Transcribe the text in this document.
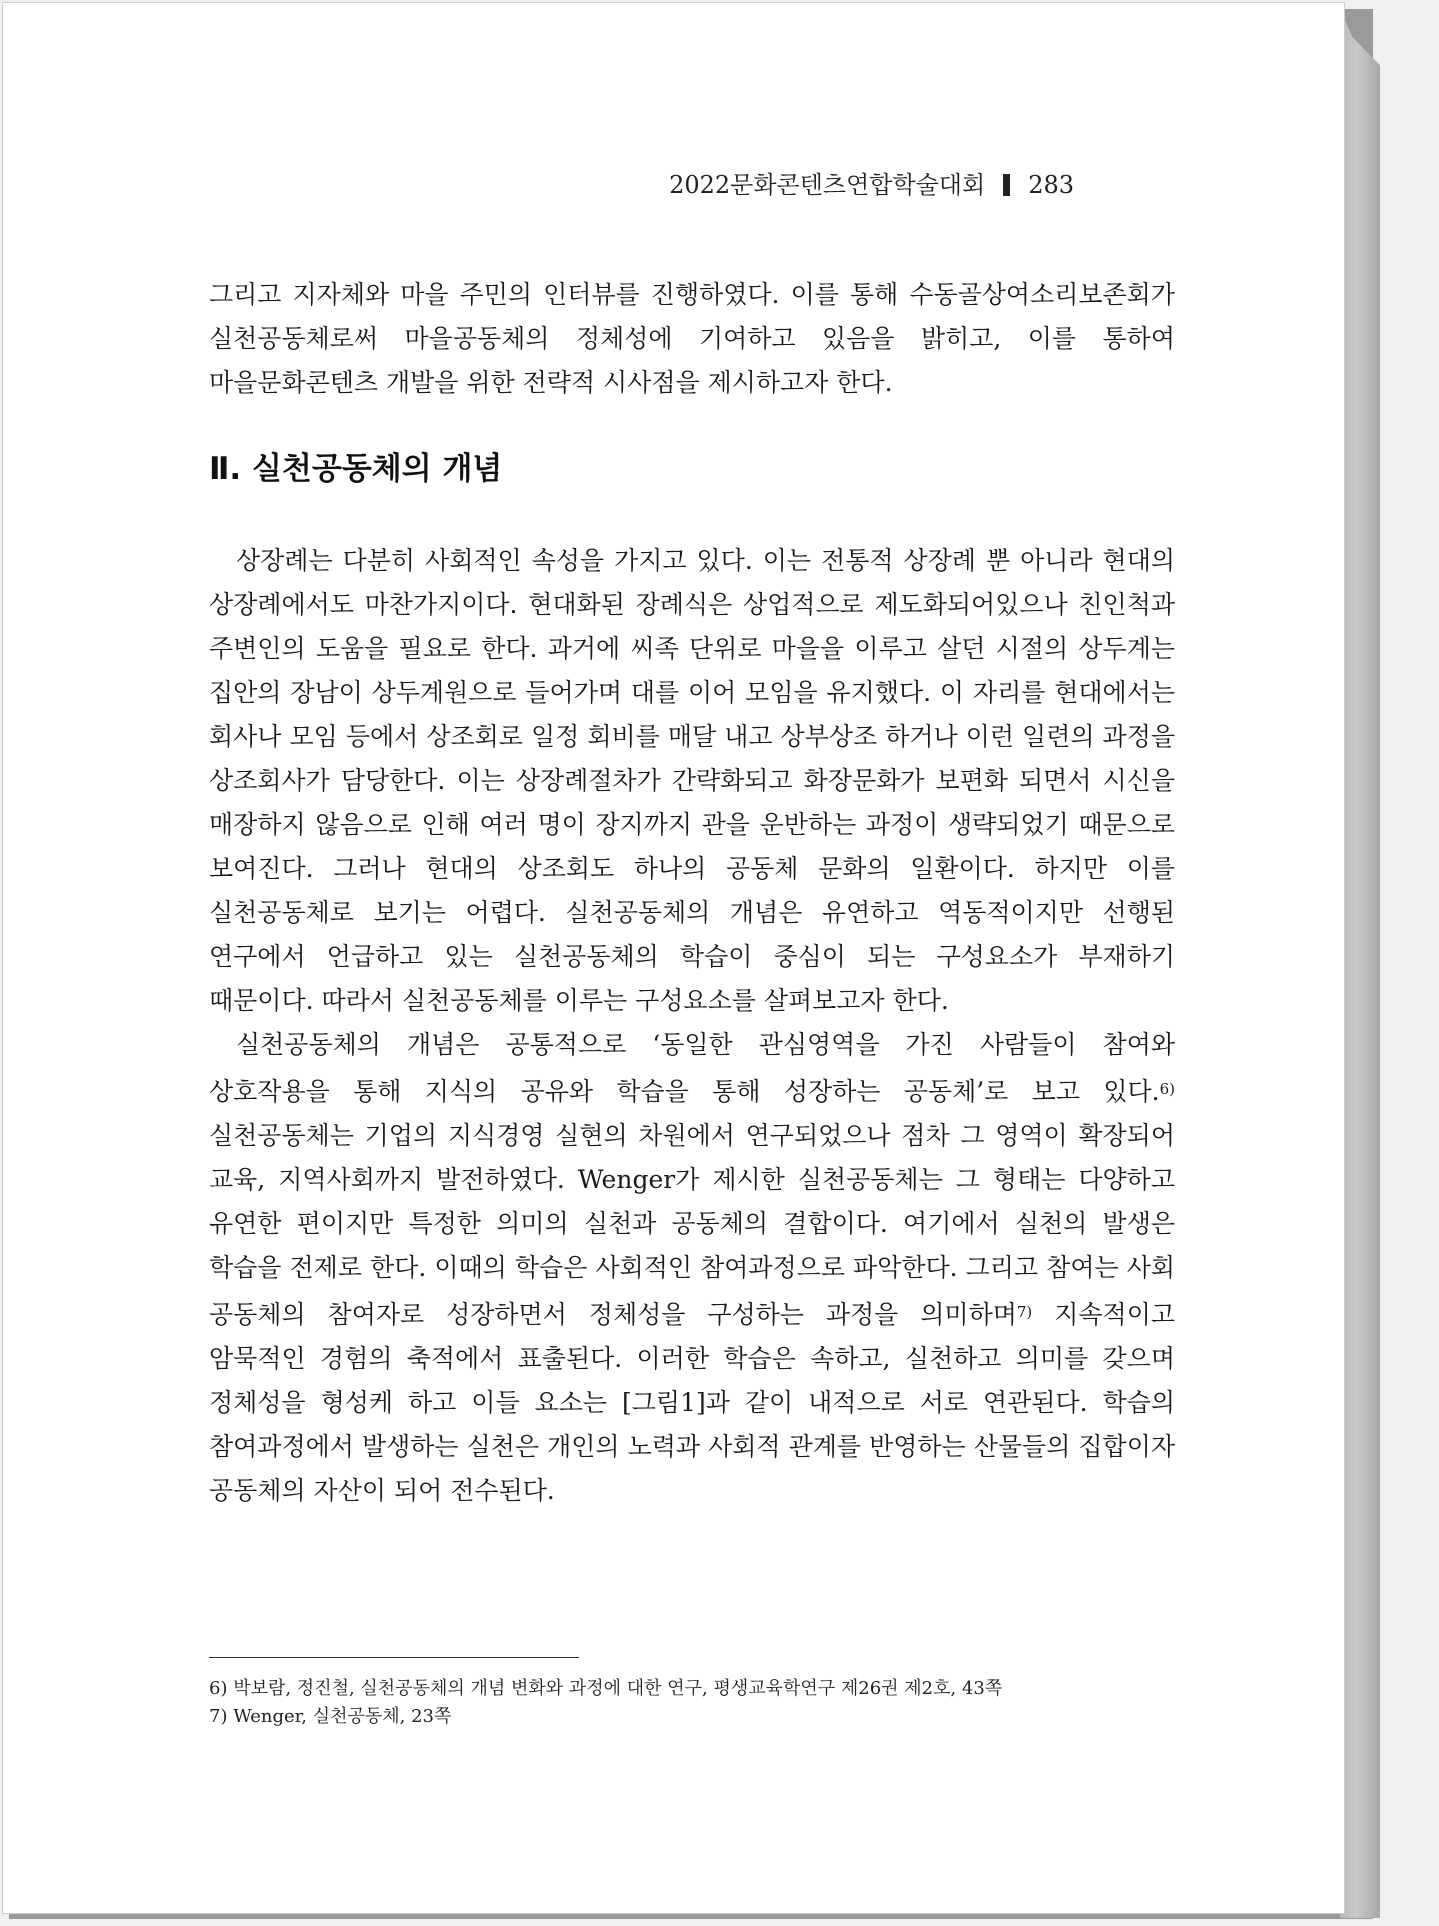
2022문화콘텐츠연합학술대회 283

그리고 지자체와 마을 주민의 인터뷰를 진행하였다. 이를 통해 수동골상여소리보존회가 실천공동체로써 마을공동체의 정체성에 기여하고 있음을 밝히고, 이를 통하여 마을문화콘텐츠 개발을 위한 전략적 시사점을 제시하고자 한다.

Ⅱ. 실천공동체의 개념

상장례는 다분히 사회적인 속성을 가지고 있다. 이는 전통적 상장례 뿐 아니라 현대의 상장례에서도 마찬가지이다. 현대화된 장례식은 상업적으로 제도화되어있으나 친인척과 주변인의 도움을 필요로 한다. 과거에 씨족 단위로 마을을 이루고 살던 시절의 상두계는 집안의 장남이 상두계원으로 들어가며 대를 이어 모임을 유지했다. 이 자리를 현대에서는 회사나 모임 등에서 상조회로 일정 회비를 매달 내고 상부상조 하거나 이런 일련의 과정을 상조회사가 담당한다. 이는 상장례절차가 간략화되고 화장문화가 보편화 되면서 시신을 매장하지 않음으로 인해 여러 명이 장지까지 관을 운반하는 과정이 생략되었기 때문으로 보여진다. 그러나 현대의 상조회도 하나의 공동체 문화의 일환이다. 하지만 이를 실천공동체로 보기는 어렵다. 실천공동체의 개념은 유연하고 역동적이지만 선행된 연구에서 언급하고 있는 실천공동체의 학습이 중심이 되는 구성요소가 부재하기 때문이다. 따라서 실천공동체를 이루는 구성요소를 살펴보고자 한다.

실천공동체의 개념은 공통적으로 ‘동일한 관심영역을 가진 사람들이 참여와 상호작용을 통해 지식의 공유와 학습을 통해 성장하는 공동체’로 보고 있다.$^{6)}$ 실천공동체는 기업의 지식경영 실현의 차원에서 연구되었으나 점차 그 영역이 확장되어 교육, 지역사회까지 발전하였다. Wenger가 제시한 실천공동체는 그 형태는 다양하고 유연한 편이지만 특정한 의미의 실천과 공동체의 결합이다. 여기에서 실천의 발생은 학습을 전제로 한다. 이때의 학습은 사회적인 참여과정으로 파악한다. 그리고 참여는 사회 공동체의 참여자로 성장하면서 정체성을 구성하는 과정을 의미하며$^{7)}$ 지속적이고 암묵적인 경험의 축적에서 표출된다. 이러한 학습은 속하고, 실천하고 의미를 갖으며 정체성을 형성케 하고 이들 요소는 [그림1]과 같이 내적으로 서로 연관된다. 학습의 참여과정에서 발생하는 실천은 개인의 노력과 사회적 관계를 반영하는 산물들의 집합이자 공동체의 자산이 되어 전수된다.

6) 박보람, 정진철, 실천공동체의 개념 변화와 과정에 대한 연구, 평생교육학연구 제26권 제2호, 43쪽
7) Wenger, 실천공동체, 23쪽
